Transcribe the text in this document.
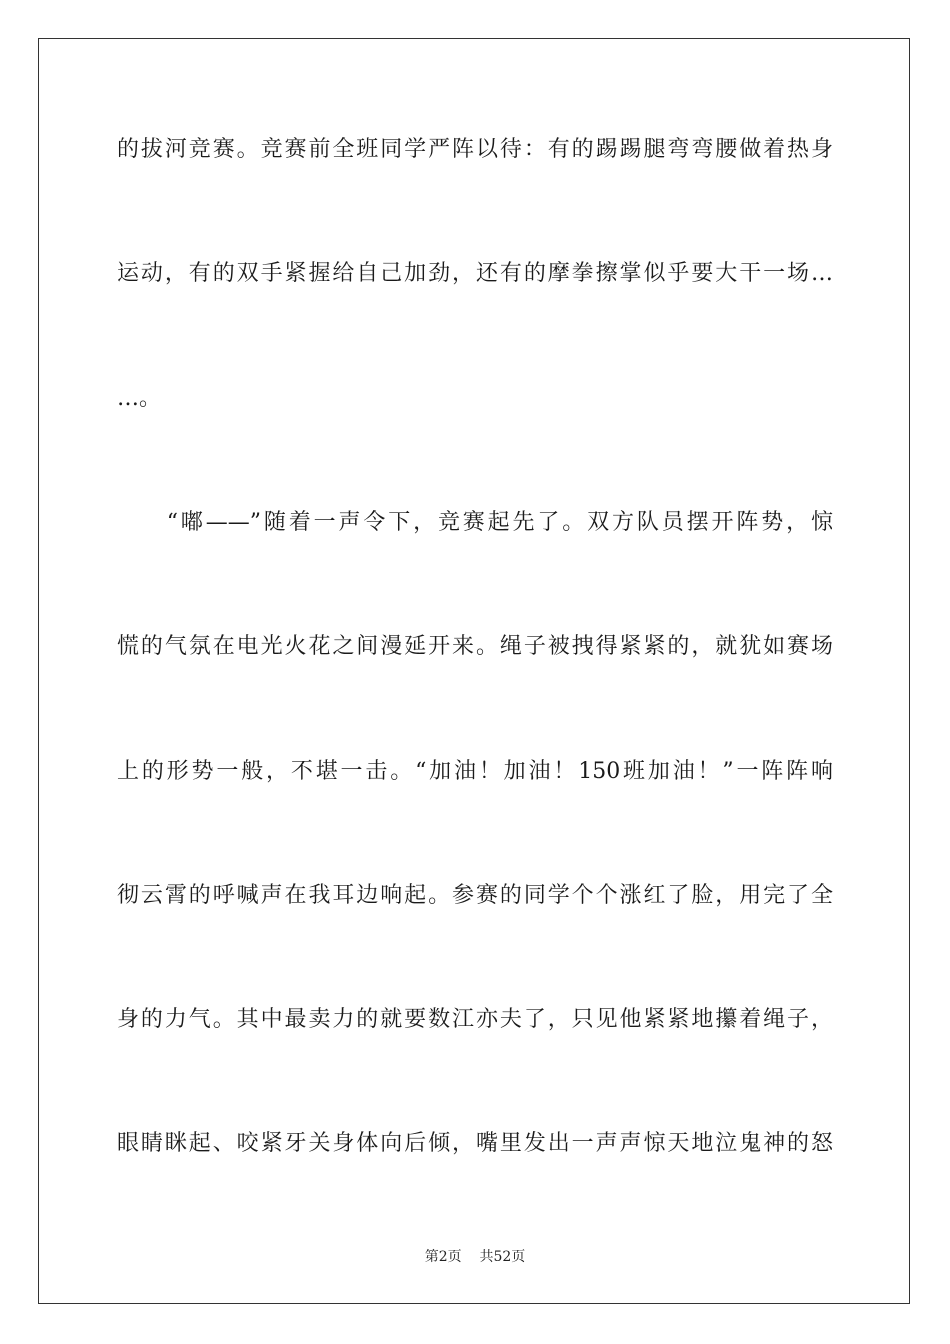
的拔河竞赛。竞赛前全班同学严阵以待：有的踢踢腿弯弯腰做着热身
运动，有的双手紧握给自己加劲，还有的摩拳擦掌似乎要大干一场…
…。
　　“嘟——”随着一声令下，竞赛起先了。双方队员摆开阵势，惊
慌的气氛在电光火花之间漫延开来。绳子被拽得紧紧的，就犹如赛场
上的形势一般，不堪一击。“加油！加油！150班加油！”一阵阵响
彻云霄的呼喊声在我耳边响起。参赛的同学个个涨红了脸，用完了全
身的力气。其中最卖力的就要数江亦夫了，只见他紧紧地攥着绳子，
眼睛眯起、咬紧牙关身体向后倾，嘴里发出一声声惊天地泣鬼神的怒
第2页 共52页
